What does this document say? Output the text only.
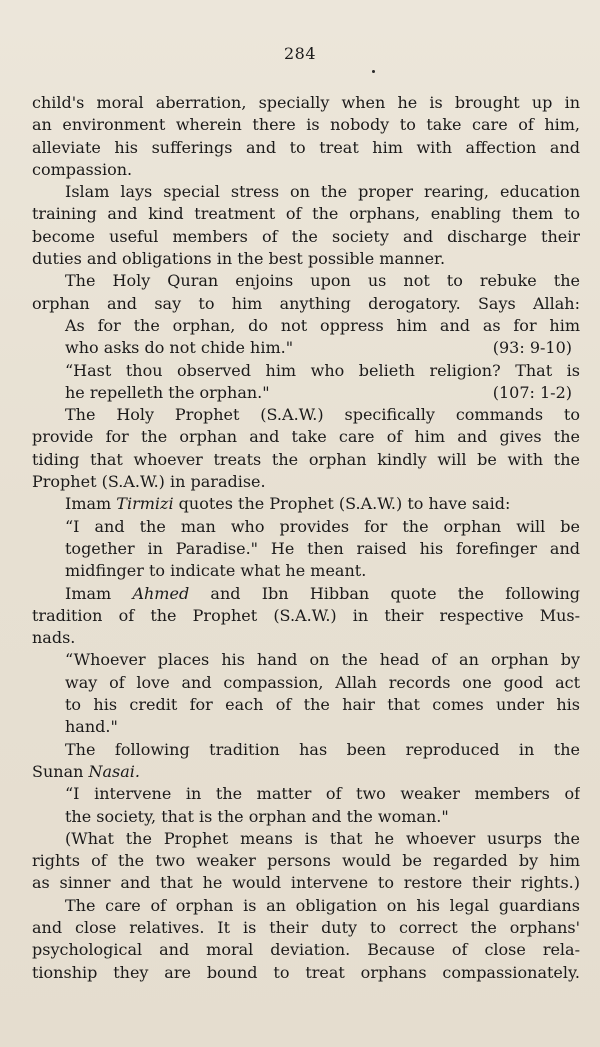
284
child's moral aberration, specially when he is brought up in
an environment wherein there is nobody to take care of him,
alleviate his sufferings and to treat him with affection and
compassion.
Islam lays special stress on the proper rearing, education
training and kind treatment of the orphans, enabling them to
become useful members of the society and discharge their
duties and obligations in the best possible manner.
The Holy Quran enjoins upon us not to rebuke the
orphan and say to him anything derogatory. Says Allah:
As for the orphan, do not oppress him and as for him
who asks do not chide him."	(93: 9-10)
“Hast thou observed him who belieth religion? That is
he repelleth the orphan."	(107: 1-2)
The Holy Prophet (S.A.W.) specifically commands to
provide for the orphan and take care of him and gives the
tiding that whoever treats the orphan kindly will be with the
Prophet (S.A.W.) in paradise.
Imam Tirmizi quotes the Prophet (S.A.W.) to have said:
“I and the man who provides for the orphan will be
together in Paradise." He then raised his forefinger and
midfinger to indicate what he meant.
Imam Ahmed and Ibn Hibban quote the following
tradition of the Prophet (S.A.W.) in their respective Mus-
nads.
“Whoever places his hand on the head of an orphan by
way of love and compassion, Allah records one good act
to his credit for each of the hair that comes under his
hand."
The following tradition has been reproduced in the
Sunan Nasai.
“I intervene in the matter of two weaker members of
the society, that is the orphan and the woman."
(What the Prophet means is that he whoever usurps the
rights of the two weaker persons would be regarded by him
as sinner and that he would intervene to restore their rights.)
The care of orphan is an obligation on his legal guardians
and close relatives. It is their duty to correct the orphans'
psychological and moral deviation. Because of close rela-
tionship they are bound to treat orphans compassionately.
